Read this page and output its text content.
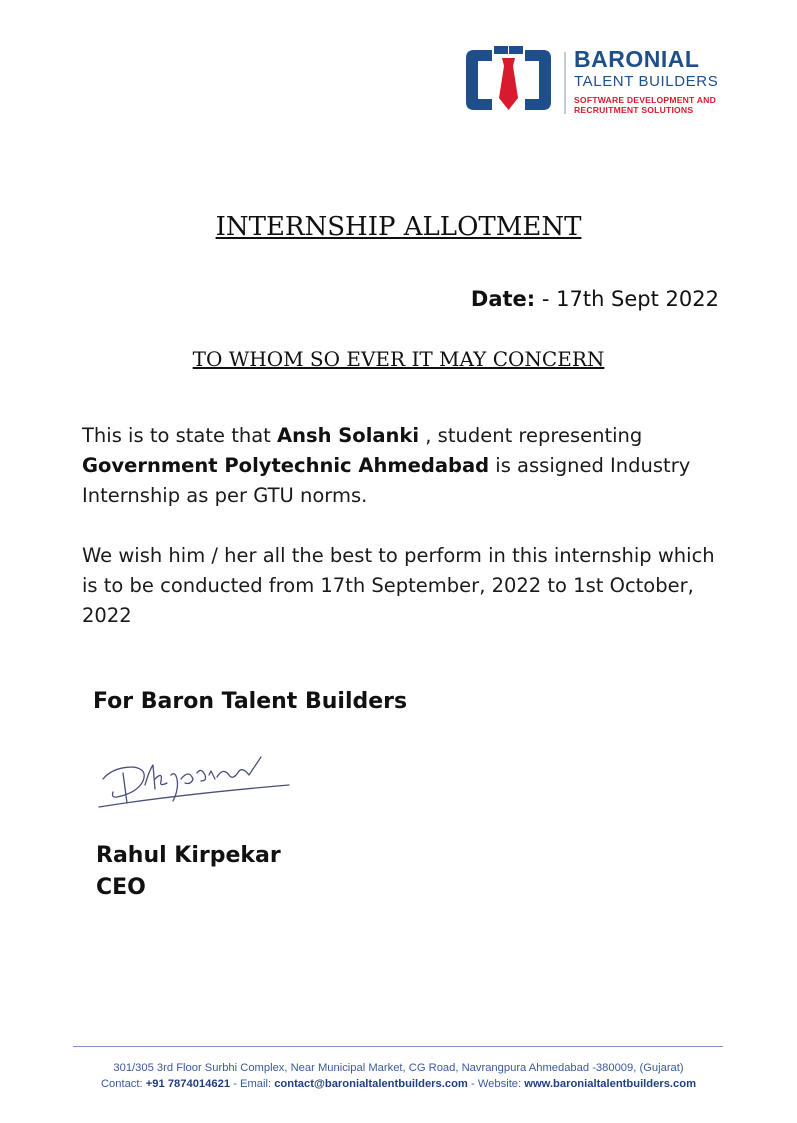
BARONIAL
TALENT BUILDERS
SOFTWARE DEVELOPMENT AND
RECRUITMENT SOLUTIONS
INTERNSHIP ALLOTMENT
Date: - 17th Sept 2022
TO WHOM SO EVER IT MAY CONCERN
This is to state that Ansh Solanki , student representing
Government Polytechnic Ahmedabad is assigned Industry Internship as per GTU norms.
We wish him / her all the best to perform in this internship which is to be conducted from 17th September, 2022 to 1st October, 2022
For Baron Talent Builders
Rahul Kirpekar
CEO
301/305 3rd Floor Surbhi Complex, Near Municipal Market, CG Road, Navrangpura Ahmedabad -380009, (Gujarat)
Contact: +91 7874014621 - Email: contact@baronialtalentbuilders.com - Website: www.baronialtalentbuilders.com
